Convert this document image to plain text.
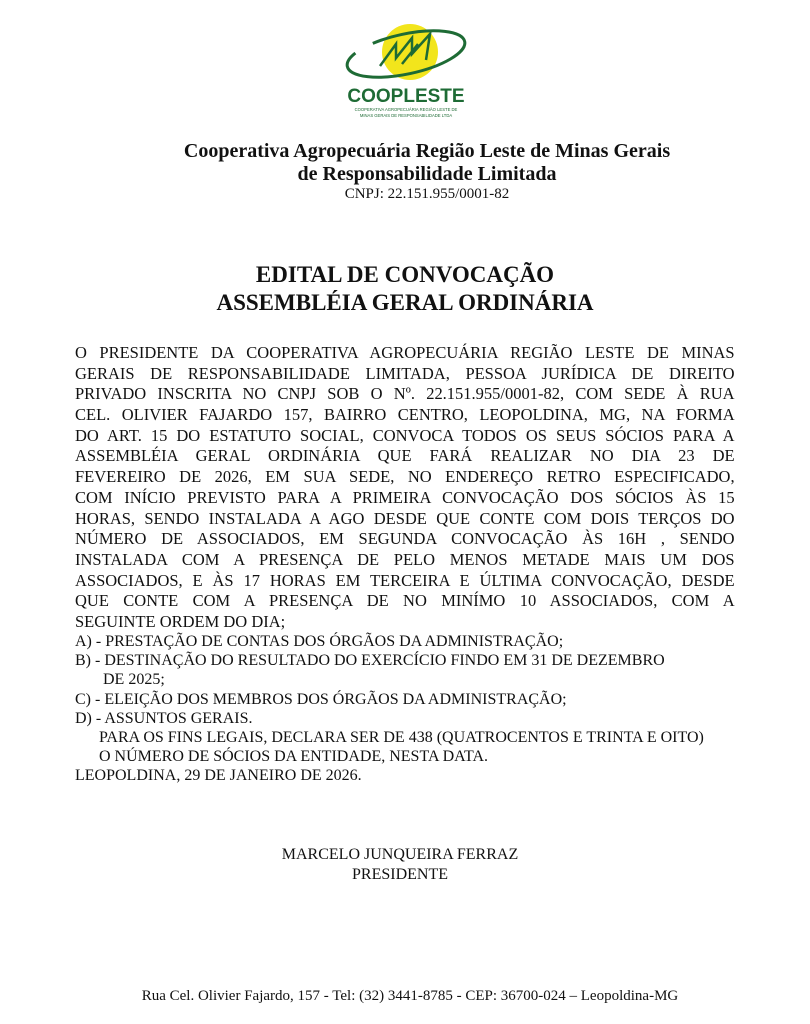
COOPLESTE
COOPERATIVA AGROPECUÁRIA REGIÃO LESTE DE
MINAS GERAIS DE RESPONSABILIDADE LTDA
Cooperativa Agropecuária Região Leste de Minas Gerais
de Responsabilidade Limitada
CNPJ: 22.151.955/0001-82
EDITAL DE CONVOCAÇÃO
ASSEMBLÉIA GERAL ORDINÁRIA
O PRESIDENTE DA COOPERATIVA AGROPECUÁRIA REGIÃO LESTE DE MINAS
GERAIS DE RESPONSABILIDADE LIMITADA, PESSOA JURÍDICA DE DIREITO
PRIVADO INSCRITA NO CNPJ SOB O Nº. 22.151.955/0001-82, COM SEDE À RUA
CEL. OLIVIER FAJARDO 157, BAIRRO CENTRO, LEOPOLDINA, MG, NA FORMA
DO ART. 15 DO ESTATUTO SOCIAL, CONVOCA TODOS OS SEUS SÓCIOS PARA A
ASSEMBLÉIA GERAL ORDINÁRIA QUE FARÁ REALIZAR NO DIA 23 DE
FEVEREIRO DE 2026, EM SUA SEDE, NO ENDEREÇO RETRO ESPECIFICADO,
COM INÍCIO PREVISTO PARA A PRIMEIRA CONVOCAÇÃO DOS SÓCIOS ÀS 15
HORAS, SENDO INSTALADA A AGO DESDE QUE CONTE COM DOIS TERÇOS DO
NÚMERO DE ASSOCIADOS, EM SEGUNDA CONVOCAÇÃO ÀS 16H , SENDO
INSTALADA COM A PRESENÇA DE PELO MENOS METADE MAIS UM DOS
ASSOCIADOS, E ÀS 17 HORAS EM TERCEIRA E ÚLTIMA CONVOCAÇÃO, DESDE
QUE CONTE COM A PRESENÇA DE NO MINÍMO 10 ASSOCIADOS, COM A
SEGUINTE ORDEM DO DIA;
A) - PRESTAÇÃO DE CONTAS DOS ÓRGÃOS DA ADMINISTRAÇÃO;
B) - DESTINAÇÃO DO RESULTADO DO EXERCÍCIO FINDO EM 31 DE DEZEMBRO
DE 2025;
C) - ELEIÇÃO DOS MEMBROS DOS ÓRGÃOS DA ADMINISTRAÇÃO;
D) - ASSUNTOS GERAIS.
PARA OS FINS LEGAIS, DECLARA SER DE 438 (QUATROCENTOS E TRINTA E OITO)
O NÚMERO DE SÓCIOS DA ENTIDADE, NESTA DATA.
LEOPOLDINA, 29 DE JANEIRO DE 2026.
MARCELO JUNQUEIRA FERRAZ
PRESIDENTE
Rua Cel. Olivier Fajardo, 157 - Tel: (32) 3441-8785 - CEP: 36700-024 – Leopoldina-MG
